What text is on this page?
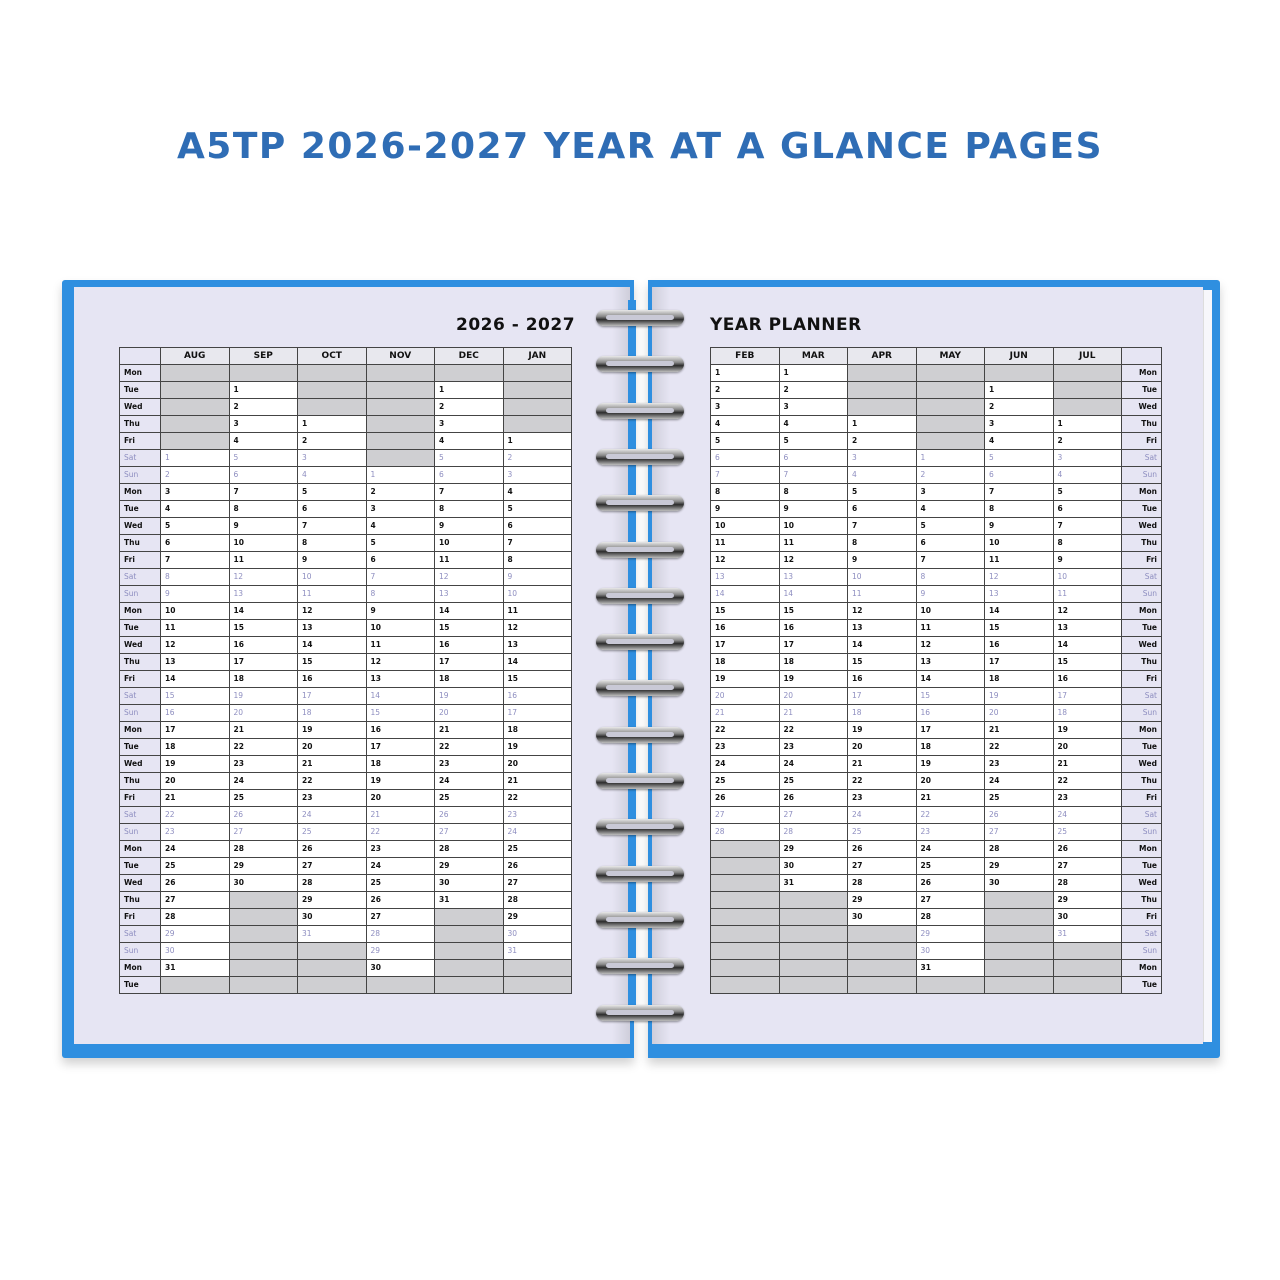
A5TP 2026-2027 YEAR AT A GLANCE PAGES
2026 - 2027	YEAR PLANNER
	AUG	SEP	OCT	NOV	DEC	JAN
Mon						
Tue		1			1	
Wed		2			2	
Thu		3	1		3	
Fri		4	2		4	1
Sat	1	5	3		5	2
Sun	2	6	4	1	6	3
Mon	3	7	5	2	7	4
Tue	4	8	6	3	8	5
Wed	5	9	7	4	9	6
Thu	6	10	8	5	10	7
Fri	7	11	9	6	11	8
Sat	8	12	10	7	12	9
Sun	9	13	11	8	13	10
Mon	10	14	12	9	14	11
Tue	11	15	13	10	15	12
Wed	12	16	14	11	16	13
Thu	13	17	15	12	17	14
Fri	14	18	16	13	18	15
Sat	15	19	17	14	19	16
Sun	16	20	18	15	20	17
Mon	17	21	19	16	21	18
Tue	18	22	20	17	22	19
Wed	19	23	21	18	23	20
Thu	20	24	22	19	24	21
Fri	21	25	23	20	25	22
Sat	22	26	24	21	26	23
Sun	23	27	25	22	27	24
Mon	24	28	26	23	28	25
Tue	25	29	27	24	29	26
Wed	26	30	28	25	30	27
Thu	27		29	26	31	28
Fri	28		30	27		29
Sat	29		31	28		30
Sun	30			29		31
Mon	31			30		
Tue						
FEB	MAR	APR	MAY	JUN	JUL	
1	1					Mon
2	2			1		Tue
3	3			2		Wed
4	4	1		3	1	Thu
5	5	2		4	2	Fri
6	6	3	1	5	3	Sat
7	7	4	2	6	4	Sun
8	8	5	3	7	5	Mon
9	9	6	4	8	6	Tue
10	10	7	5	9	7	Wed
11	11	8	6	10	8	Thu
12	12	9	7	11	9	Fri
13	13	10	8	12	10	Sat
14	14	11	9	13	11	Sun
15	15	12	10	14	12	Mon
16	16	13	11	15	13	Tue
17	17	14	12	16	14	Wed
18	18	15	13	17	15	Thu
19	19	16	14	18	16	Fri
20	20	17	15	19	17	Sat
21	21	18	16	20	18	Sun
22	22	19	17	21	19	Mon
23	23	20	18	22	20	Tue
24	24	21	19	23	21	Wed
25	25	22	20	24	22	Thu
26	26	23	21	25	23	Fri
27	27	24	22	26	24	Sat
28	28	25	23	27	25	Sun
	29	26	24	28	26	Mon
	30	27	25	29	27	Tue
	31	28	26	30	28	Wed
		29	27		29	Thu
		30	28		30	Fri
			29		31	Sat
			30			Sun
			31			Mon
						Tue
